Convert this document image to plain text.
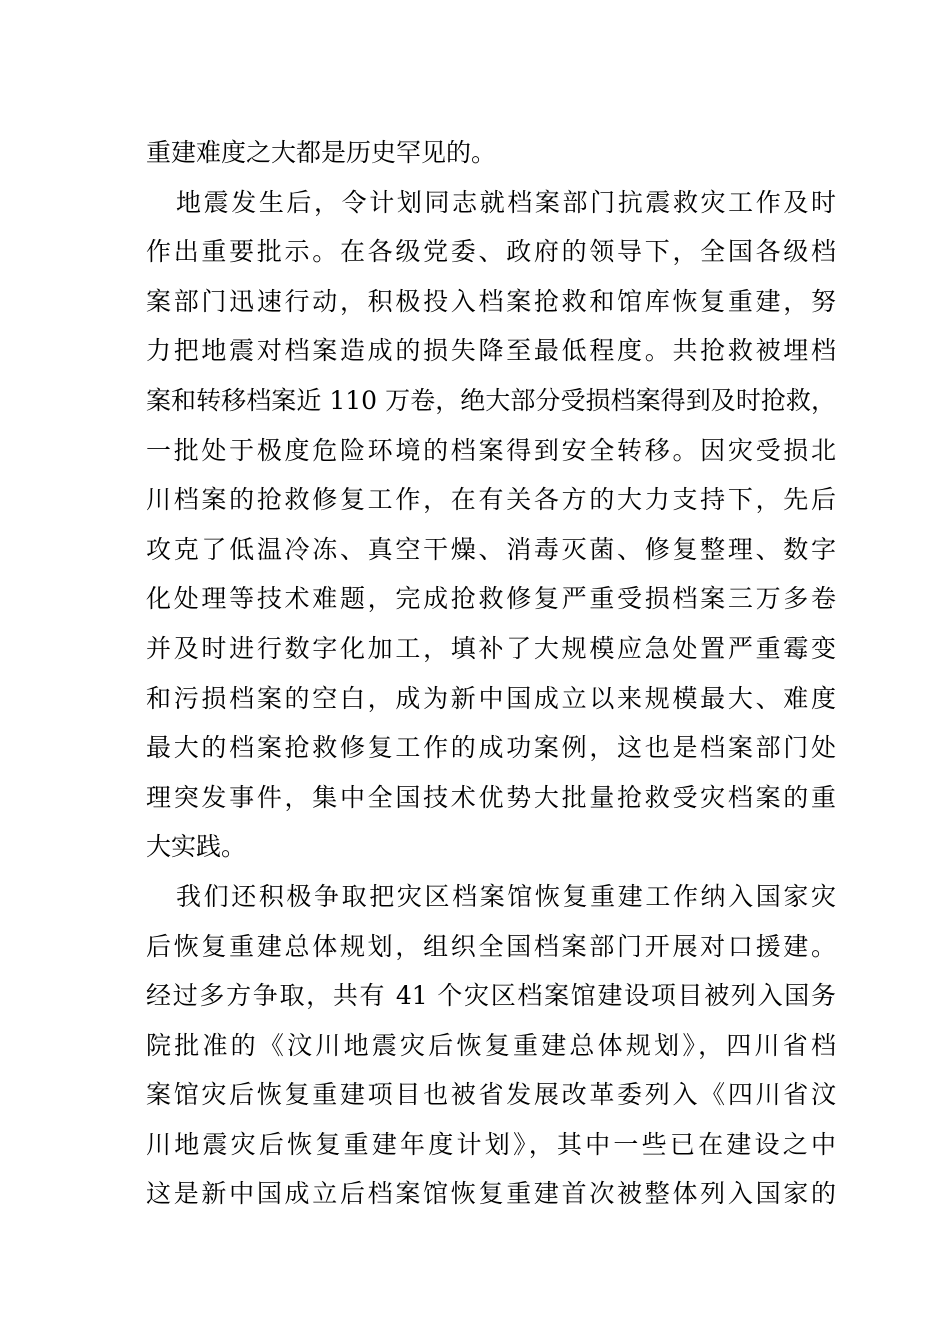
重建难度之大都是历史罕见的。
地震发生后，令计划同志就档案部门抗震救灾工作及时
作出重要批示。在各级党委、政府的领导下，全国各级档
案部门迅速行动，积极投入档案抢救和馆库恢复重建，努
力把地震对档案造成的损失降至最低程度。共抢救被埋档
案和转移档案近 110 万卷，绝大部分受损档案得到及时抢救，
一批处于极度危险环境的档案得到安全转移。因灾受损北
川档案的抢救修复工作，在有关各方的大力支持下，先后
攻克了低温冷冻、真空干燥、消毒灭菌、修复整理、数字
化处理等技术难题，完成抢救修复严重受损档案三万多卷
并及时进行数字化加工，填补了大规模应急处置严重霉变
和污损档案的空白，成为新中国成立以来规模最大、难度
最大的档案抢救修复工作的成功案例，这也是档案部门处
理突发事件，集中全国技术优势大批量抢救受灾档案的重
大实践。
我们还积极争取把灾区档案馆恢复重建工作纳入国家灾
后恢复重建总体规划，组织全国档案部门开展对口援建。
经过多方争取，共有 41 个灾区档案馆建设项目被列入国务
院批准的《汶川地震灾后恢复重建总体规划》，四川省档
案馆灾后恢复重建项目也被省发展改革委列入《四川省汶
川地震灾后恢复重建年度计划》，其中一些已在建设之中
这是新中国成立后档案馆恢复重建首次被整体列入国家的
